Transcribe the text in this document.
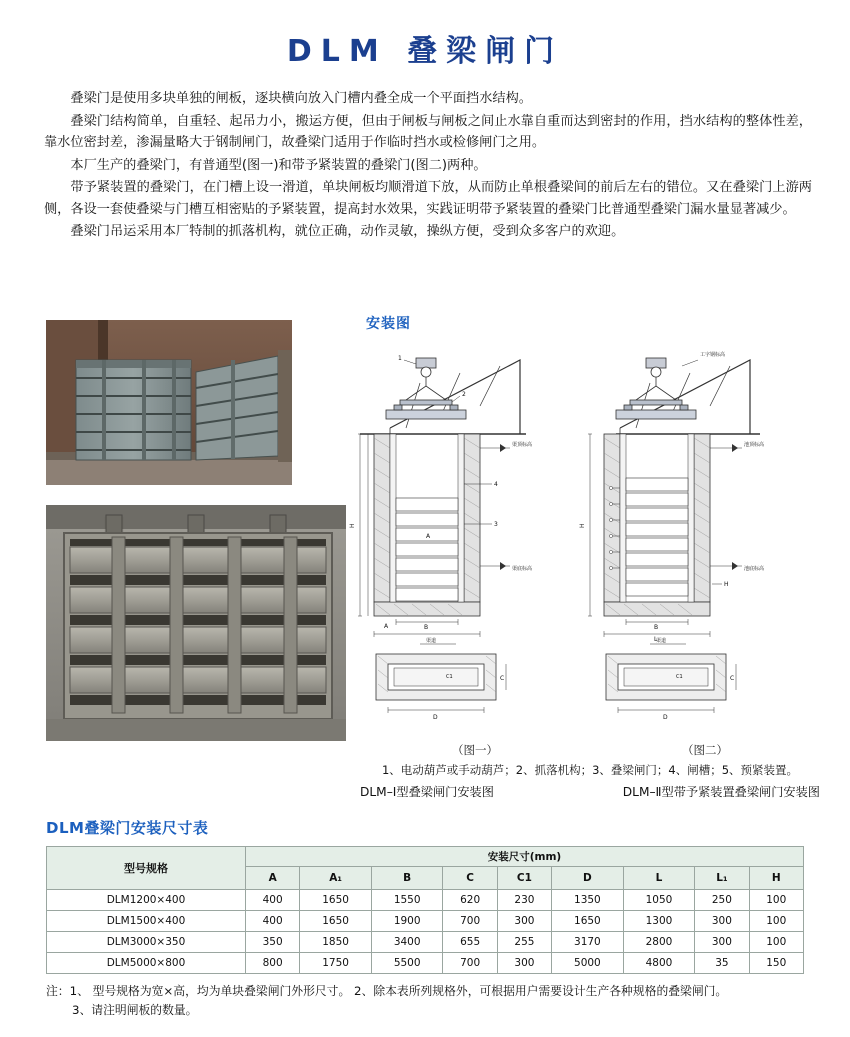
DLM 叠梁闸门

叠梁门是使用多块单独的闸板，逐块横向放入门槽内叠全成一个平面挡水结构。

叠梁门结构简单，自重轻、起吊力小，搬运方便，但由于闸板与闸板之间止水靠自重而达到密封的作用，挡水结构的整体性差，靠水位密封差，渗漏量略大于钢制闸门，故叠梁门适用于作临时挡水或检修闸门之用。

本厂生产的叠梁门，有普通型(图一)和带予紧装置的叠梁门(图二)两种。

带予紧装置的叠梁门，在门槽上设一滑道，单块闸板均顺滑道下放，从而防止单根叠梁间的前后左右的错位。又在叠梁门上游两侧，各设一套使叠梁与门槽互相密贴的予紧装置，提高封水效果，实践证明带予紧装置的叠梁门比普通型叠梁门漏水量显著减少。

叠梁门吊运采用本厂特制的抓落机构，就位正确，动作灵敏，操纵方便，受到众多客户的欢迎。

安装图
1
2
3
4
渠顶标高
渠底标高
A	B
H
A
渠道
D
C
C1
池顶标高
池底标高
工字钢标高
H
B
L
H
渠道
D
C
C1
（图一）	（图二）
1、电动葫芦或手动葫芦；2、抓落机构；3、叠梁闸门；4、闸槽；5、预紧装置。
DLM–Ⅰ型叠梁闸门安装图	DLM–Ⅱ型带予紧装置叠梁闸门安装图
DLM叠梁门安装尺寸表
型号规格	安装尺寸(mm)								
	A	A₁	B	C	C1	D	L	L₁	H
DLM1200×400	400	1650	1550	620	230	1350	1050	250	100
DLM1500×400	400	1650	1900	700	300	1650	1300	300	100
DLM3000×350	350	1850	3400	655	255	3170	2800	300	100
DLM5000×800	800	1750	5500	700	300	5000	4800	35	150
注：1、 型号规格为宽×高，均为单块叠梁闸门外形尺寸。 2、除本表所列规格外，可根据用户需要设计生产各种规格的叠梁闸门。
3、请注明闸板的数量。
